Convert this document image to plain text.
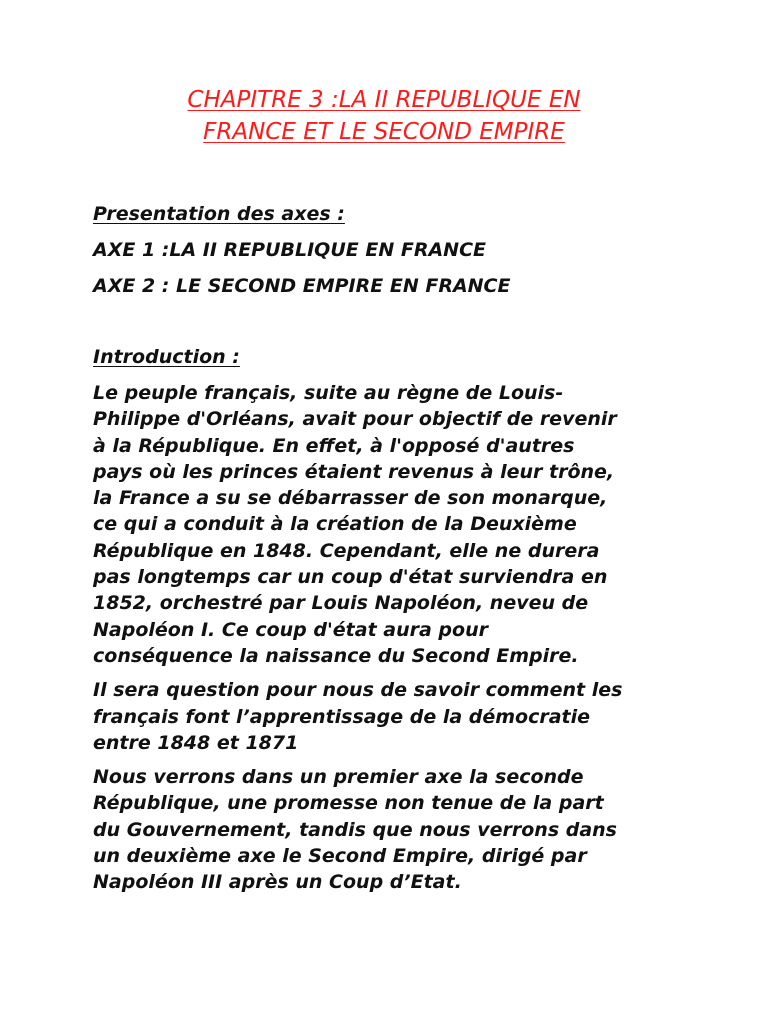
CHAPITRE 3 :LA II REPUBLIQUE EN
FRANCE ET LE SECOND EMPIRE

Presentation des axes :

AXE 1 :LA II REPUBLIQUE EN FRANCE

AXE 2 : LE SECOND EMPIRE EN FRANCE

Introduction :

Le peuple français, suite au règne de Louis-
Philippe d'Orléans, avait pour objectif de revenir
à la République. En effet, à l'opposé d'autres
pays où les princes étaient revenus à leur trône,
la France a su se débarrasser de son monarque,
ce qui a conduit à la création de la Deuxième
République en 1848. Cependant, elle ne durera
pas longtemps car un coup d'état surviendra en
1852, orchestré par Louis Napoléon, neveu de
Napoléon I. Ce coup d'état aura pour
conséquence la naissance du Second Empire.

Il sera question pour nous de savoir comment les
français font l’apprentissage de la démocratie
entre 1848 et 1871

Nous verrons dans un premier axe la seconde
République, une promesse non tenue de la part
du Gouvernement, tandis que nous verrons dans
un deuxième axe le Second Empire, dirigé par
Napoléon III après un Coup d’Etat.
